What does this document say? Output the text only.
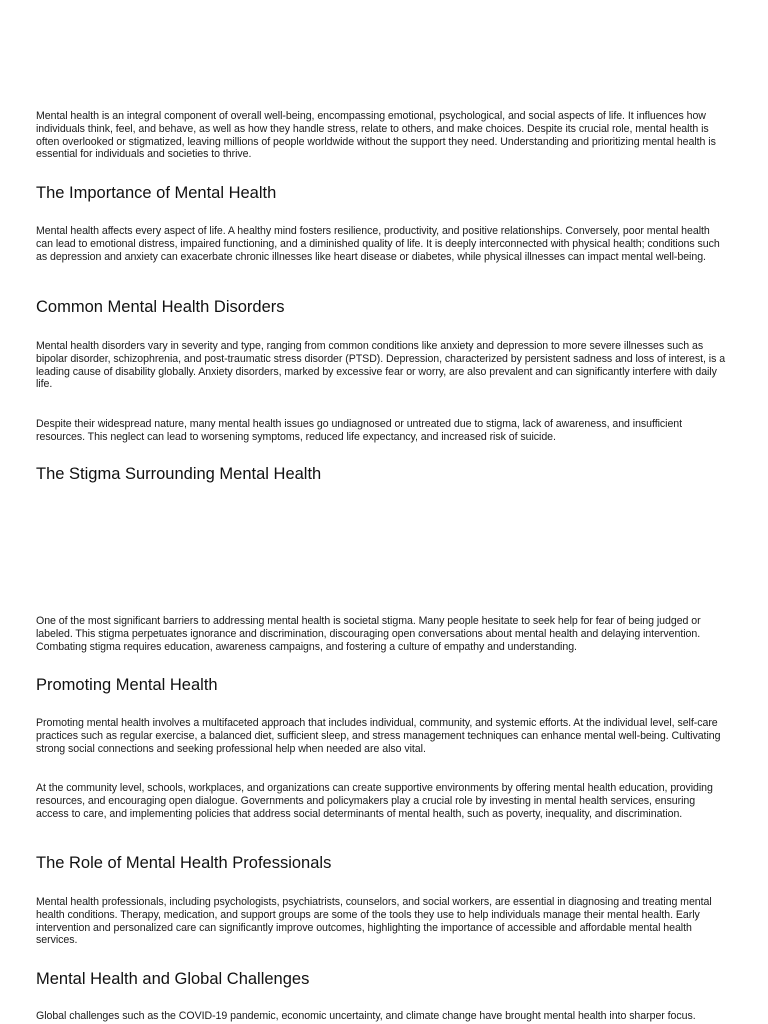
Mental health is an integral component of overall well-being, encompassing emotional, psychological, and social aspects of life. It influences how individuals think, feel, and behave, as well as how they handle stress, relate to others, and make choices. Despite its crucial role, mental health is often overlooked or stigmatized, leaving millions of people worldwide without the support they need. Understanding and prioritizing mental health is essential for individuals and societies to thrive.

The Importance of Mental Health

Mental health affects every aspect of life. A healthy mind fosters resilience, productivity, and positive relationships. Conversely, poor mental health can lead to emotional distress, impaired functioning, and a diminished quality of life. It is deeply interconnected with physical health; conditions such as depression and anxiety can exacerbate chronic illnesses like heart disease or diabetes, while physical illnesses can impact mental well-being.

Common Mental Health Disorders

Mental health disorders vary in severity and type, ranging from common conditions like anxiety and depression to more severe illnesses such as bipolar disorder, schizophrenia, and post-traumatic stress disorder (PTSD). Depression, characterized by persistent sadness and loss of interest, is a leading cause of disability globally. Anxiety disorders, marked by excessive fear or worry, are also prevalent and can significantly interfere with daily life.

Despite their widespread nature, many mental health issues go undiagnosed or untreated due to stigma, lack of awareness, and insufficient resources. This neglect can lead to worsening symptoms, reduced life expectancy, and increased risk of suicide.

The Stigma Surrounding Mental Health

One of the most significant barriers to addressing mental health is societal stigma. Many people hesitate to seek help for fear of being judged or labeled. This stigma perpetuates ignorance and discrimination, discouraging open conversations about mental health and delaying intervention. Combating stigma requires education, awareness campaigns, and fostering a culture of empathy and understanding.

Promoting Mental Health

Promoting mental health involves a multifaceted approach that includes individual, community, and systemic efforts. At the individual level, self-care practices such as regular exercise, a balanced diet, sufficient sleep, and stress management techniques can enhance mental well-being. Cultivating strong social connections and seeking professional help when needed are also vital.

At the community level, schools, workplaces, and organizations can create supportive environments by offering mental health education, providing resources, and encouraging open dialogue. Governments and policymakers play a crucial role by investing in mental health services, ensuring access to care, and implementing policies that address social determinants of mental health, such as poverty, inequality, and discrimination.

The Role of Mental Health Professionals

Mental health professionals, including psychologists, psychiatrists, counselors, and social workers, are essential in diagnosing and treating mental health conditions. Therapy, medication, and support groups are some of the tools they use to help individuals manage their mental health. Early intervention and personalized care can significantly improve outcomes, highlighting the importance of accessible and affordable mental health services.

Mental Health and Global Challenges

Global challenges such as the COVID-19 pandemic, economic uncertainty, and climate change have brought mental health into sharper focus.
